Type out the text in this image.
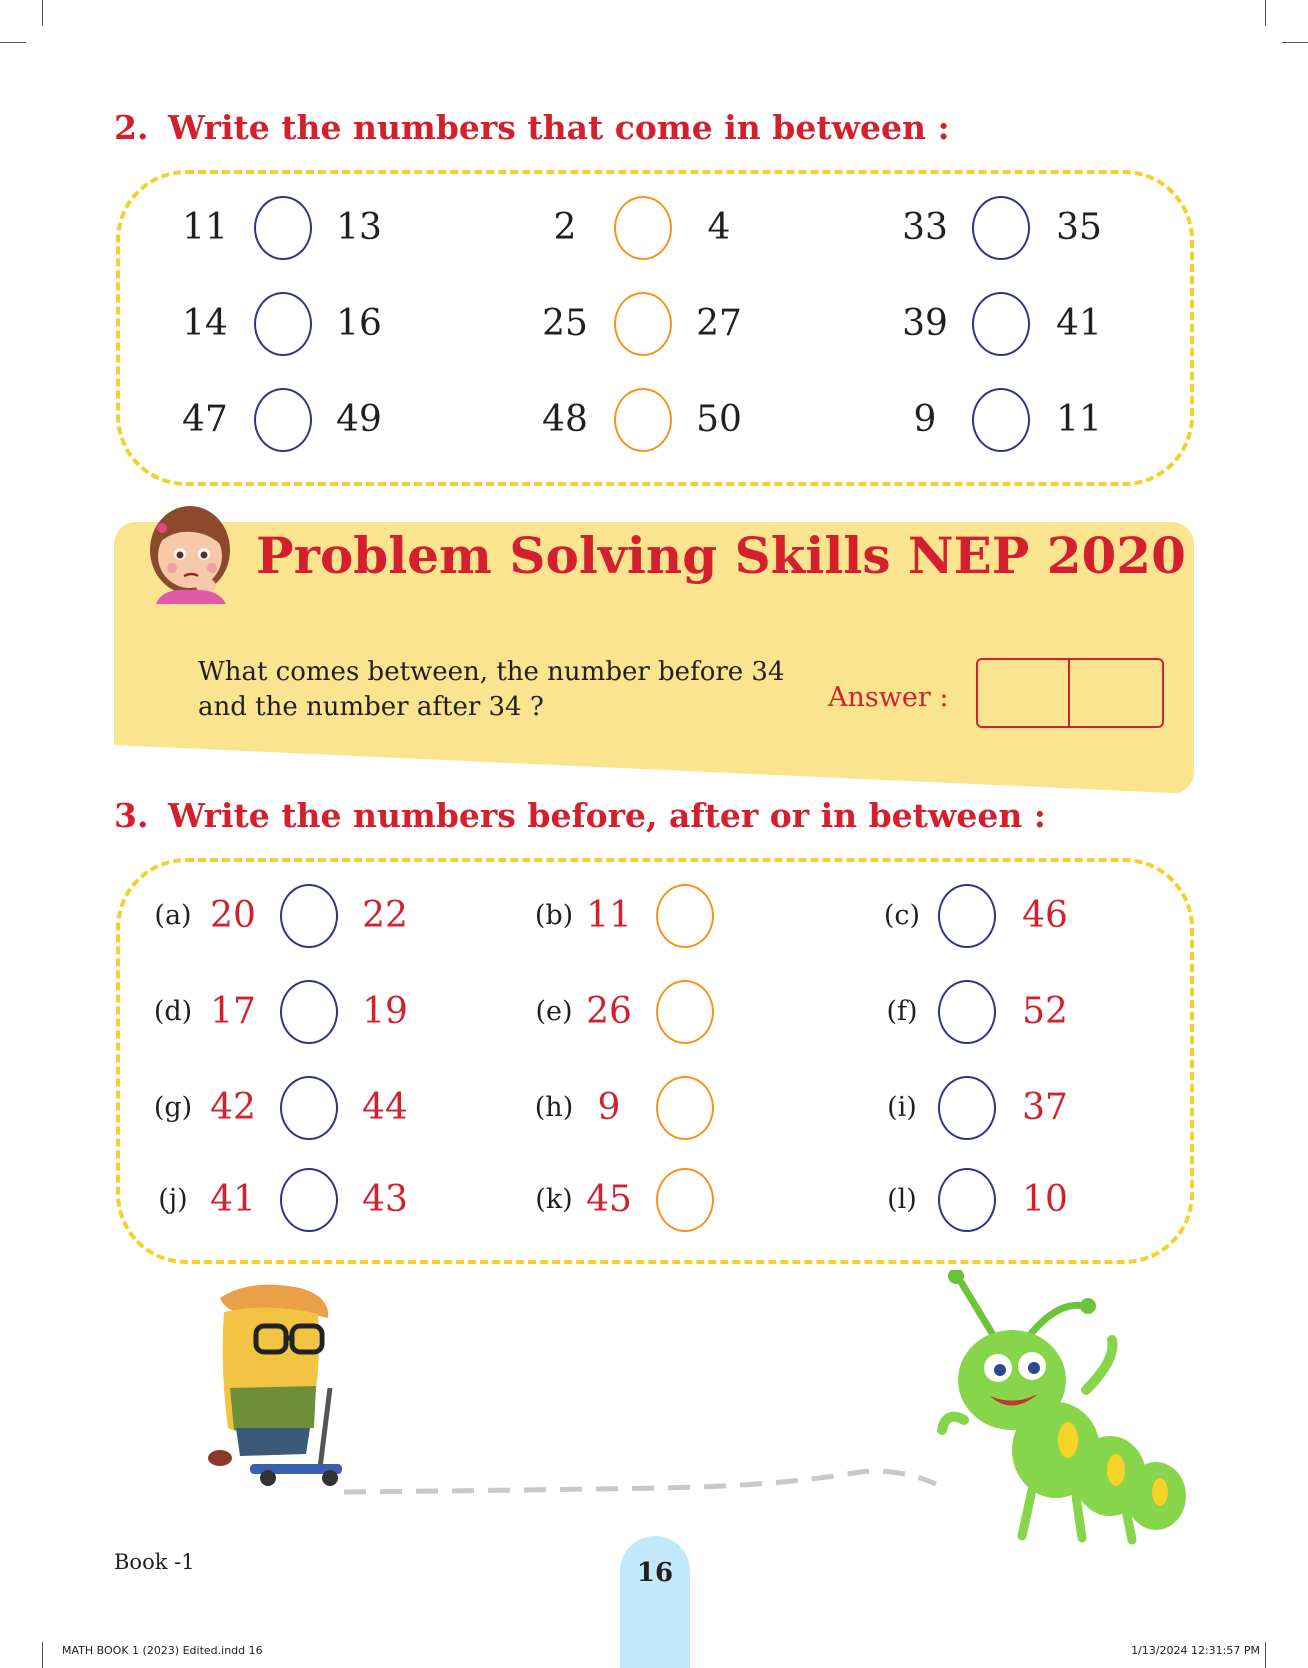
2. Write the numbers that come in between :
11	13	2	4	33	35
14	16	25	27	39	41
47	49	48	50	9	11
Problem Solving Skills NEP 2020
What comes between, the number before 34
and the number after 34 ?	Answer :
3. Write the numbers before, after or in between :
(a) 20	22	(b) 11	(c)	46
(d) 17	19	(e) 26	(f)	52
(g) 42	44	(h) 9	(i)	37
(j) 41	43	(k) 45	(l)	10
Book -1	16
MATH BOOK 1 (2023) Edited.indd 16	1/13/2024 12:31:57 PM
